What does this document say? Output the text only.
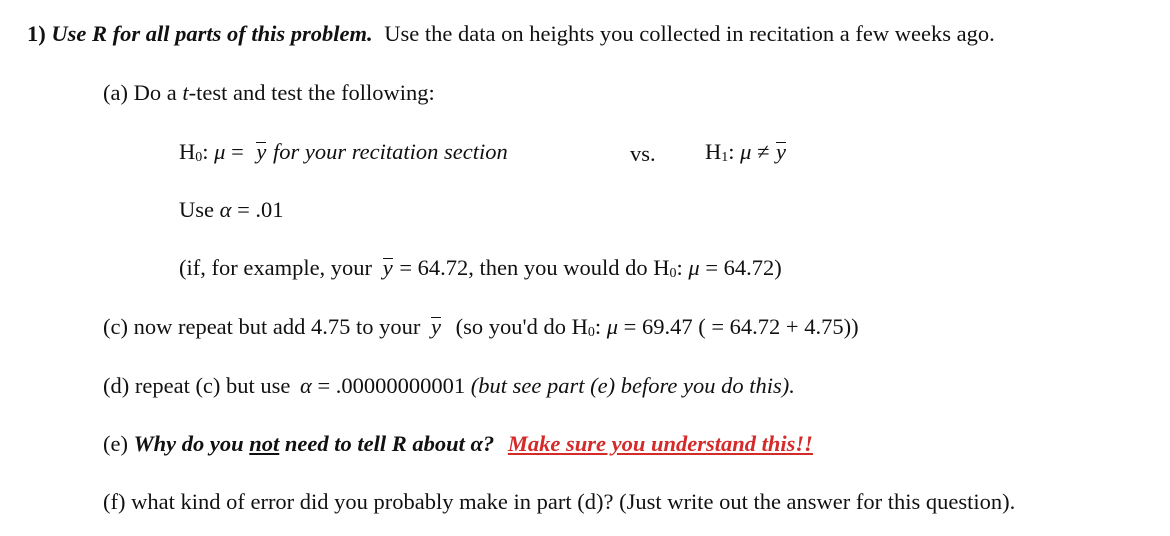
1) Use R for all parts of this problem. Use the data on heights you collected in recitation a few weeks ago.
(a) Do a t-test and test the following:
H0: μ = y for your recitation section	vs. H1: μ ≠ y
Use α = .01
(if, for example, your y = 64.72, then you would do H0: μ = 64.72)
(c) now repeat but add 4.75 to your y (so you'd do H0: μ = 69.47 ( = 64.72 + 4.75))
(d) repeat (c) but use α = .00000000001 (but see part (e) before you do this).
(e) Why do you not need to tell R about α? Make sure you understand this!!
(f) what kind of error did you probably make in part (d)? (Just write out the answer for this question).
